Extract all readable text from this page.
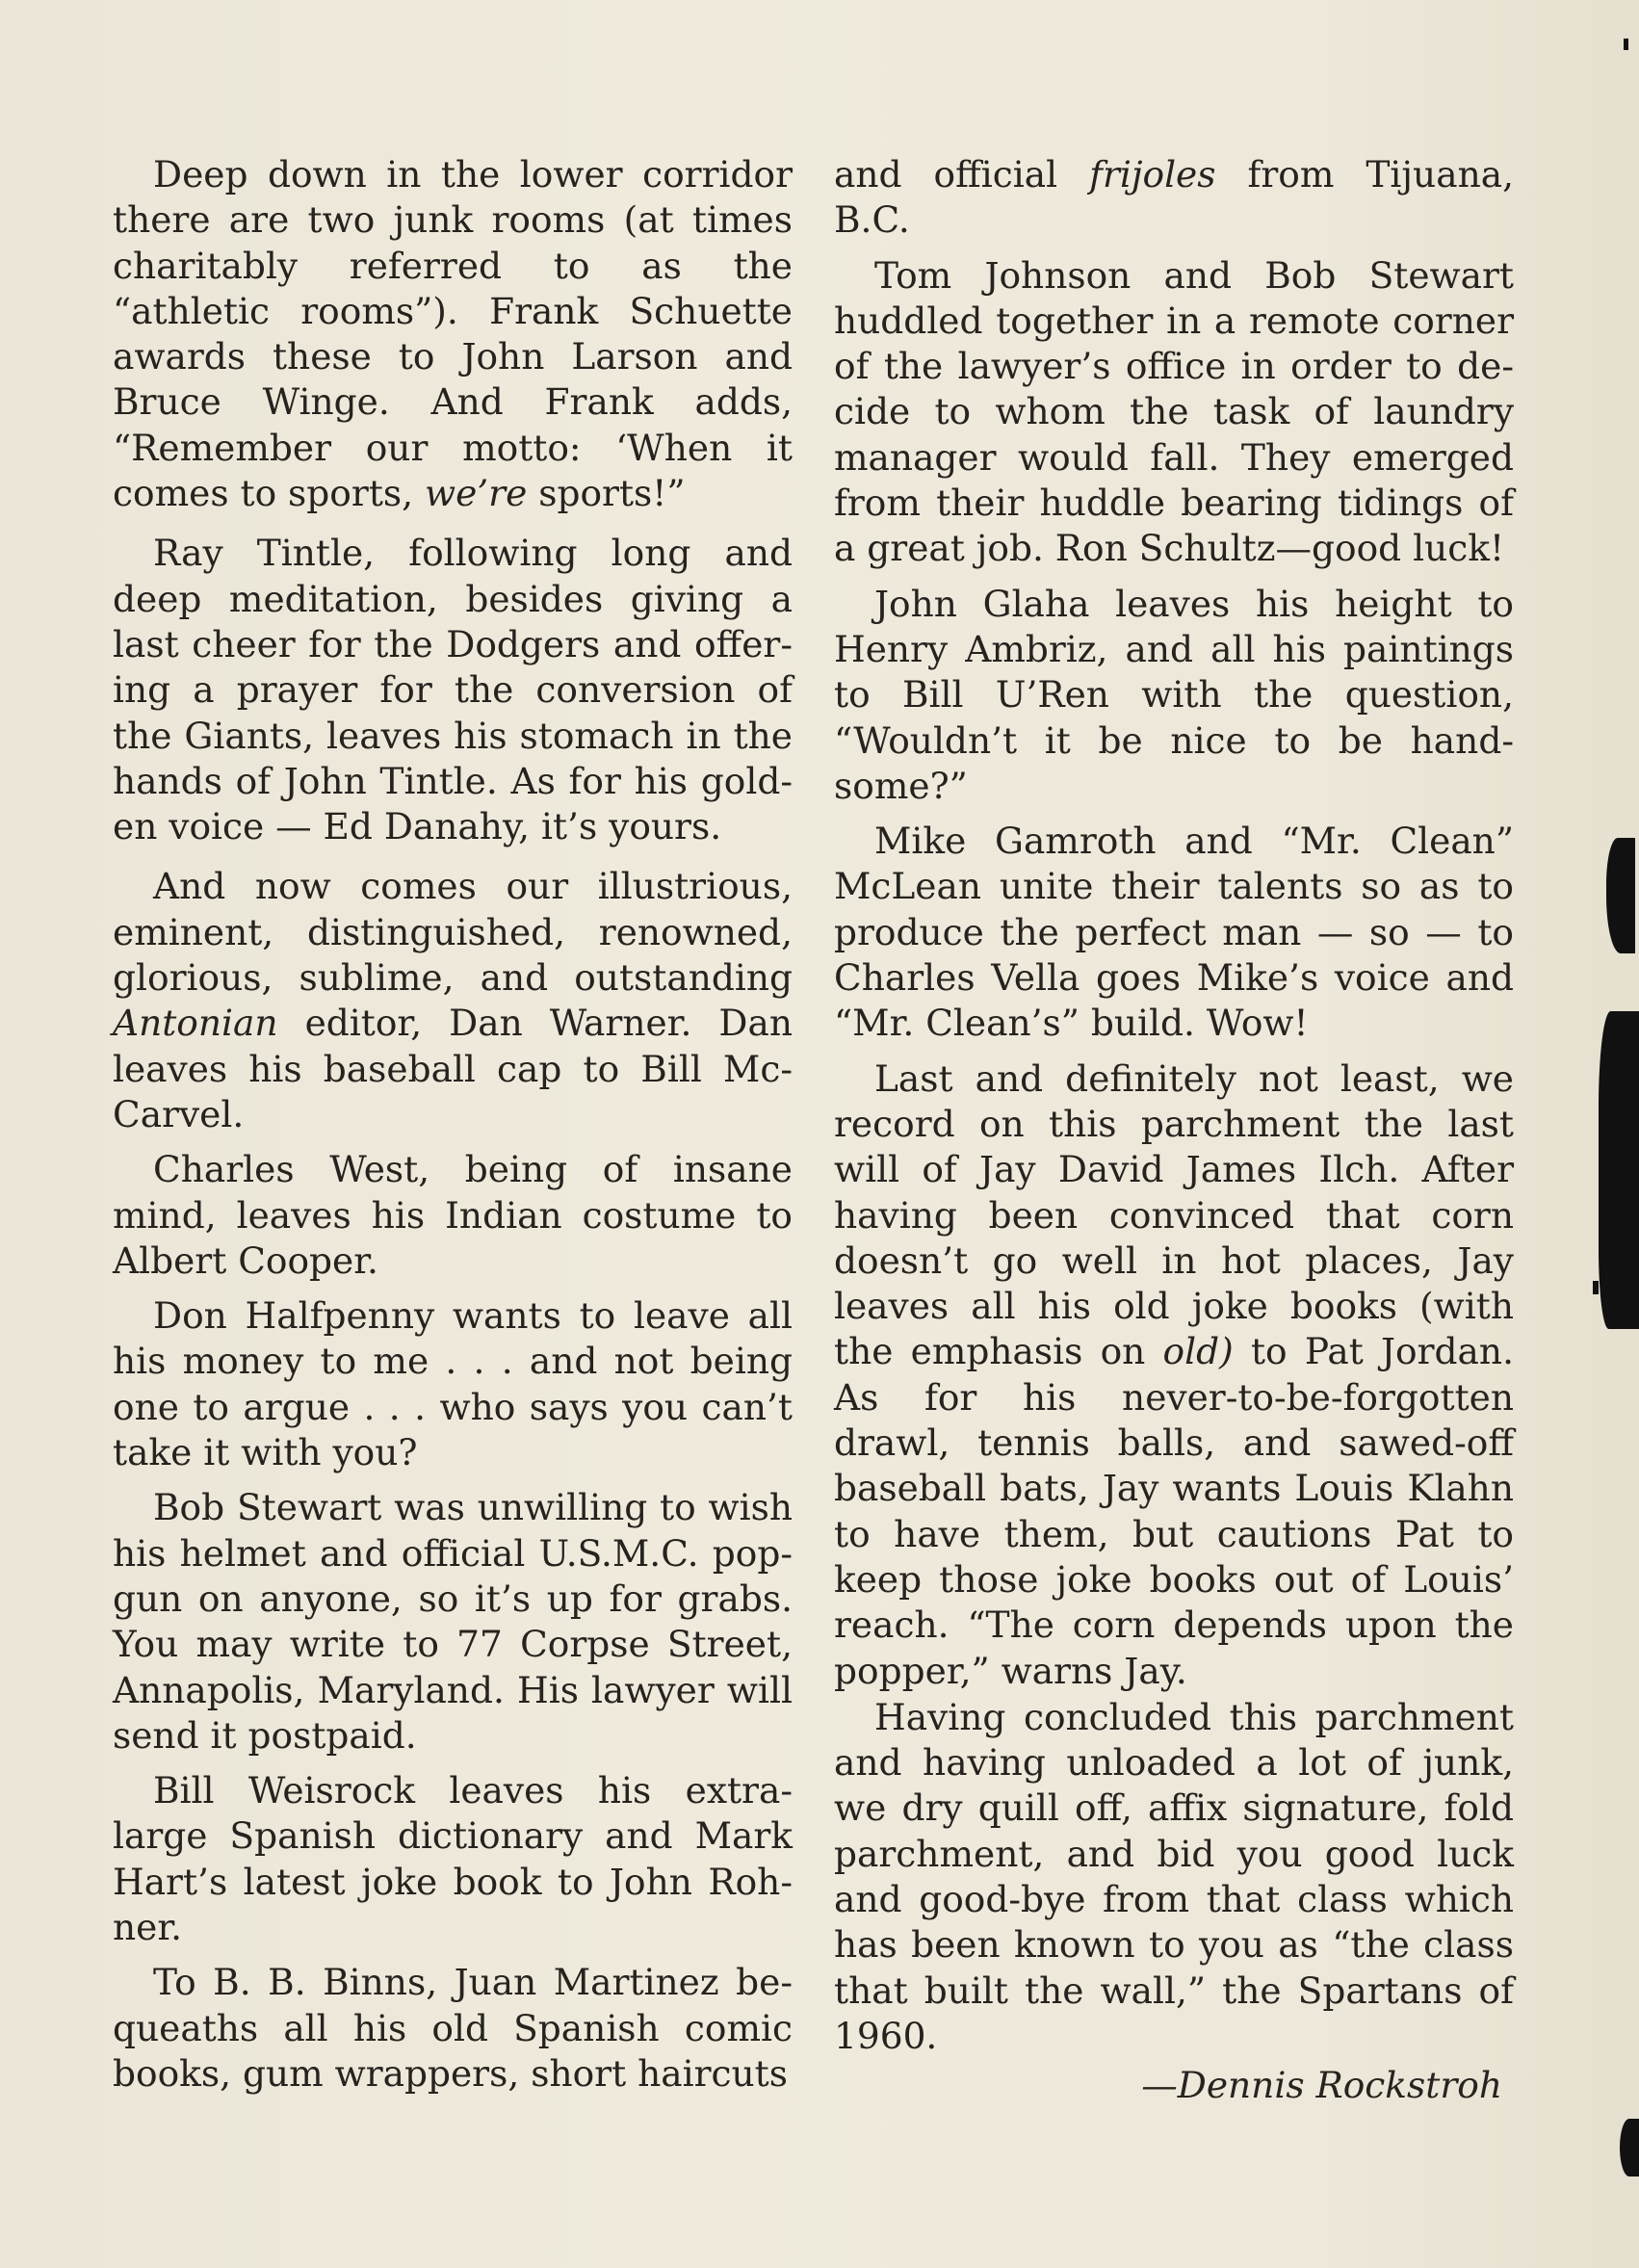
Deep down in the lower corridor there are two junk rooms (at times charitably referred to as the “athletic rooms”). Frank Schuette awards these to John Larson and Bruce Winge. And Frank adds, “Remember our motto: ‘When it comes to sports, we’re sports!”

Ray Tintle, following long and deep meditation, besides giving a last cheer for the Dodgers and offering a prayer for the conversion of the Giants, leaves his stomach in the hands of John Tintle. As for his golden voice — Ed Danahy, it’s yours.

And now comes our illustrious, eminent, distinguished, renowned, glorious, sublime, and outstanding Antonian editor, Dan Warner. Dan leaves his baseball cap to Bill McCarvel.

Charles West, being of insane mind, leaves his Indian costume to Albert Cooper.

Don Halfpenny wants to leave all his money to me . . . and not being one to argue . . . who says you can’t take it with you?

Bob Stewart was unwilling to wish his helmet and official U.S.M.C. popgun on anyone, so it’s up for grabs. You may write to 77 Corpse Street, Annapolis, Maryland. His lawyer will send it postpaid.

Bill Weisrock leaves his extra-large Spanish dictionary and Mark Hart’s latest joke book to John Rohner.

To B. B. Binns, Juan Martinez bequeaths all his old Spanish comic books, gum wrappers, short haircuts

and official frijoles from Tijuana, B.C.

Tom Johnson and Bob Stewart huddled together in a remote corner of the lawyer’s office in order to decide to whom the task of laundry manager would fall. They emerged from their huddle bearing tidings of a great job. Ron Schultz—good luck!

John Glaha leaves his height to Henry Ambriz, and all his paintings to Bill U’Ren with the question, “Wouldn’t it be nice to be handsome?”

Mike Gamroth and “Mr. Clean” McLean unite their talents so as to produce the perfect man — so — to Charles Vella goes Mike’s voice and “Mr. Clean’s” build. Wow!

Last and definitely not least, we record on this parchment the last will of Jay David James Ilch. After having been convinced that corn doesn’t go well in hot places, Jay leaves all his old joke books (with the emphasis on old) to Pat Jordan. As for his never-to-be-forgotten drawl, tennis balls, and sawed-off baseball bats, Jay wants Louis Klahn to have them, but cautions Pat to keep those joke books out of Louis’ reach. “The corn depends upon the popper,” warns Jay.

Having concluded this parchment and having unloaded a lot of junk, we dry quill off, affix signature, fold parchment, and bid you good luck and good-bye from that class which has been known to you as “the class that built the wall,” the Spartans of 1960.

—Dennis Rockstroh
